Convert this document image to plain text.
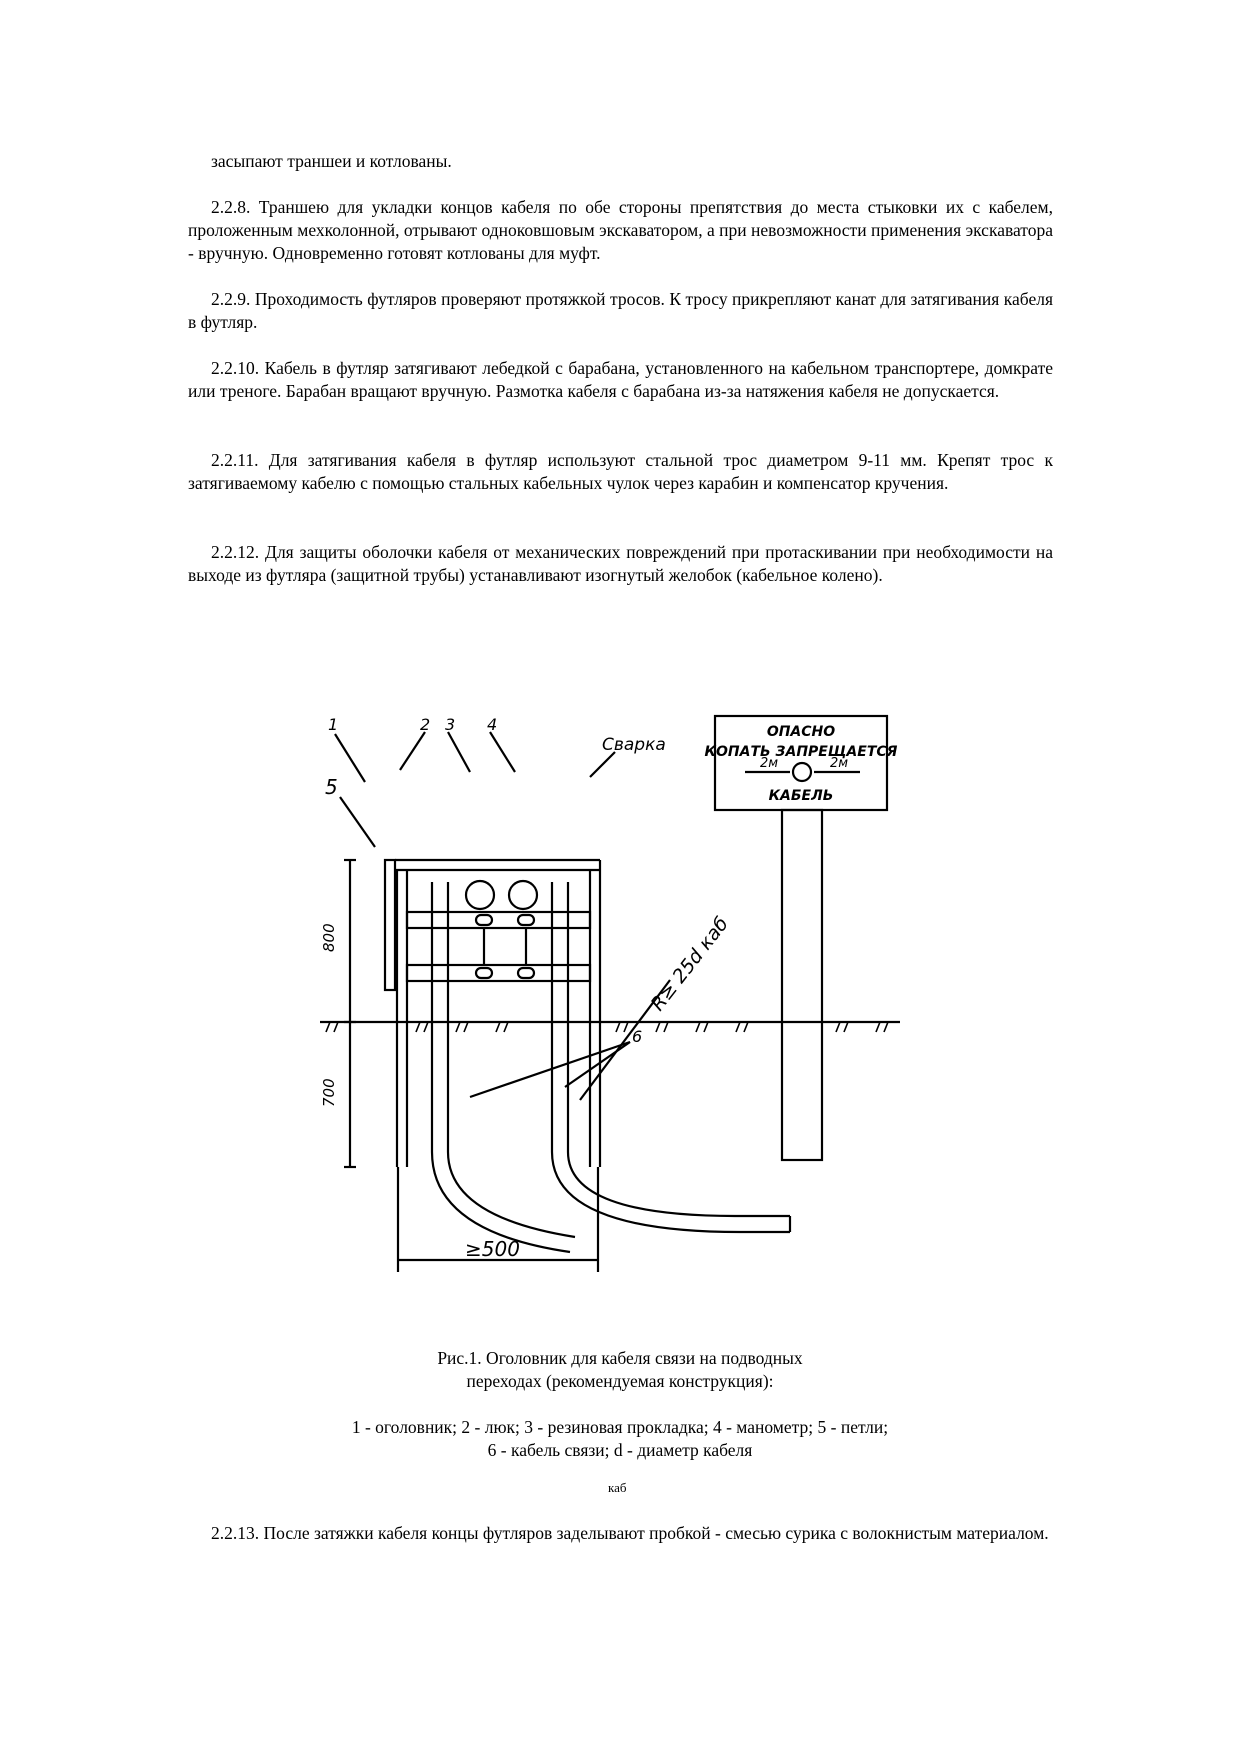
засыпают траншеи и котлованы.

2.2.8. Траншею для укладки концов кабеля по обе стороны препятствия до места стыковки их с кабелем, проложенным мехколонной, отрывают одноковшовым экскаватором, а при невозможности применения экскаватора - вручную. Одновременно готовят котлованы для муфт.

2.2.9. Проходимость футляров проверяют протяжкой тросов. К тросу прикрепляют канат для затягивания кабеля в футляр.

2.2.10. Кабель в футляр затягивают лебедкой с барабана, установленного на кабельном транспортере, домкрате или треноге. Барабан вращают вручную. Размотка кабеля с барабана из-за натяжения кабеля не допускается.

2.2.11. Для затягивания кабеля в футляр используют стальной трос диаметром 9-11 мм. Крепят трос к затягиваемому кабелю с помощью стальных кабельных чулок через карабин и компенсатор кручения.

2.2.12. Для защиты оболочки кабеля от механических повреждений при протаскивании при необходимости на выходе из футляра (защитной трубы) устанавливают изогнутый желобок (кабельное колено).

ОПАСНО
КОПАТЬ ЗАПРЕЩАЕТСЯ
2м	2м
КАБЕЛЬ
1	2 3 4
5
6
Сварка
800
700
≥500
R≥ 25d каб
Рис.1. Оголовник для кабеля связи на подводных
переходах (рекомендуемая конструкция):
1 - оголовник; 2 - люк; 3 - резиновая прокладка; 4 - манометр; 5 - петли;
6 - кабель связи; d - диаметр кабеля
каб

2.2.13. После затяжки кабеля концы футляров заделывают пробкой - смесью сурика с волокнистым материалом.
